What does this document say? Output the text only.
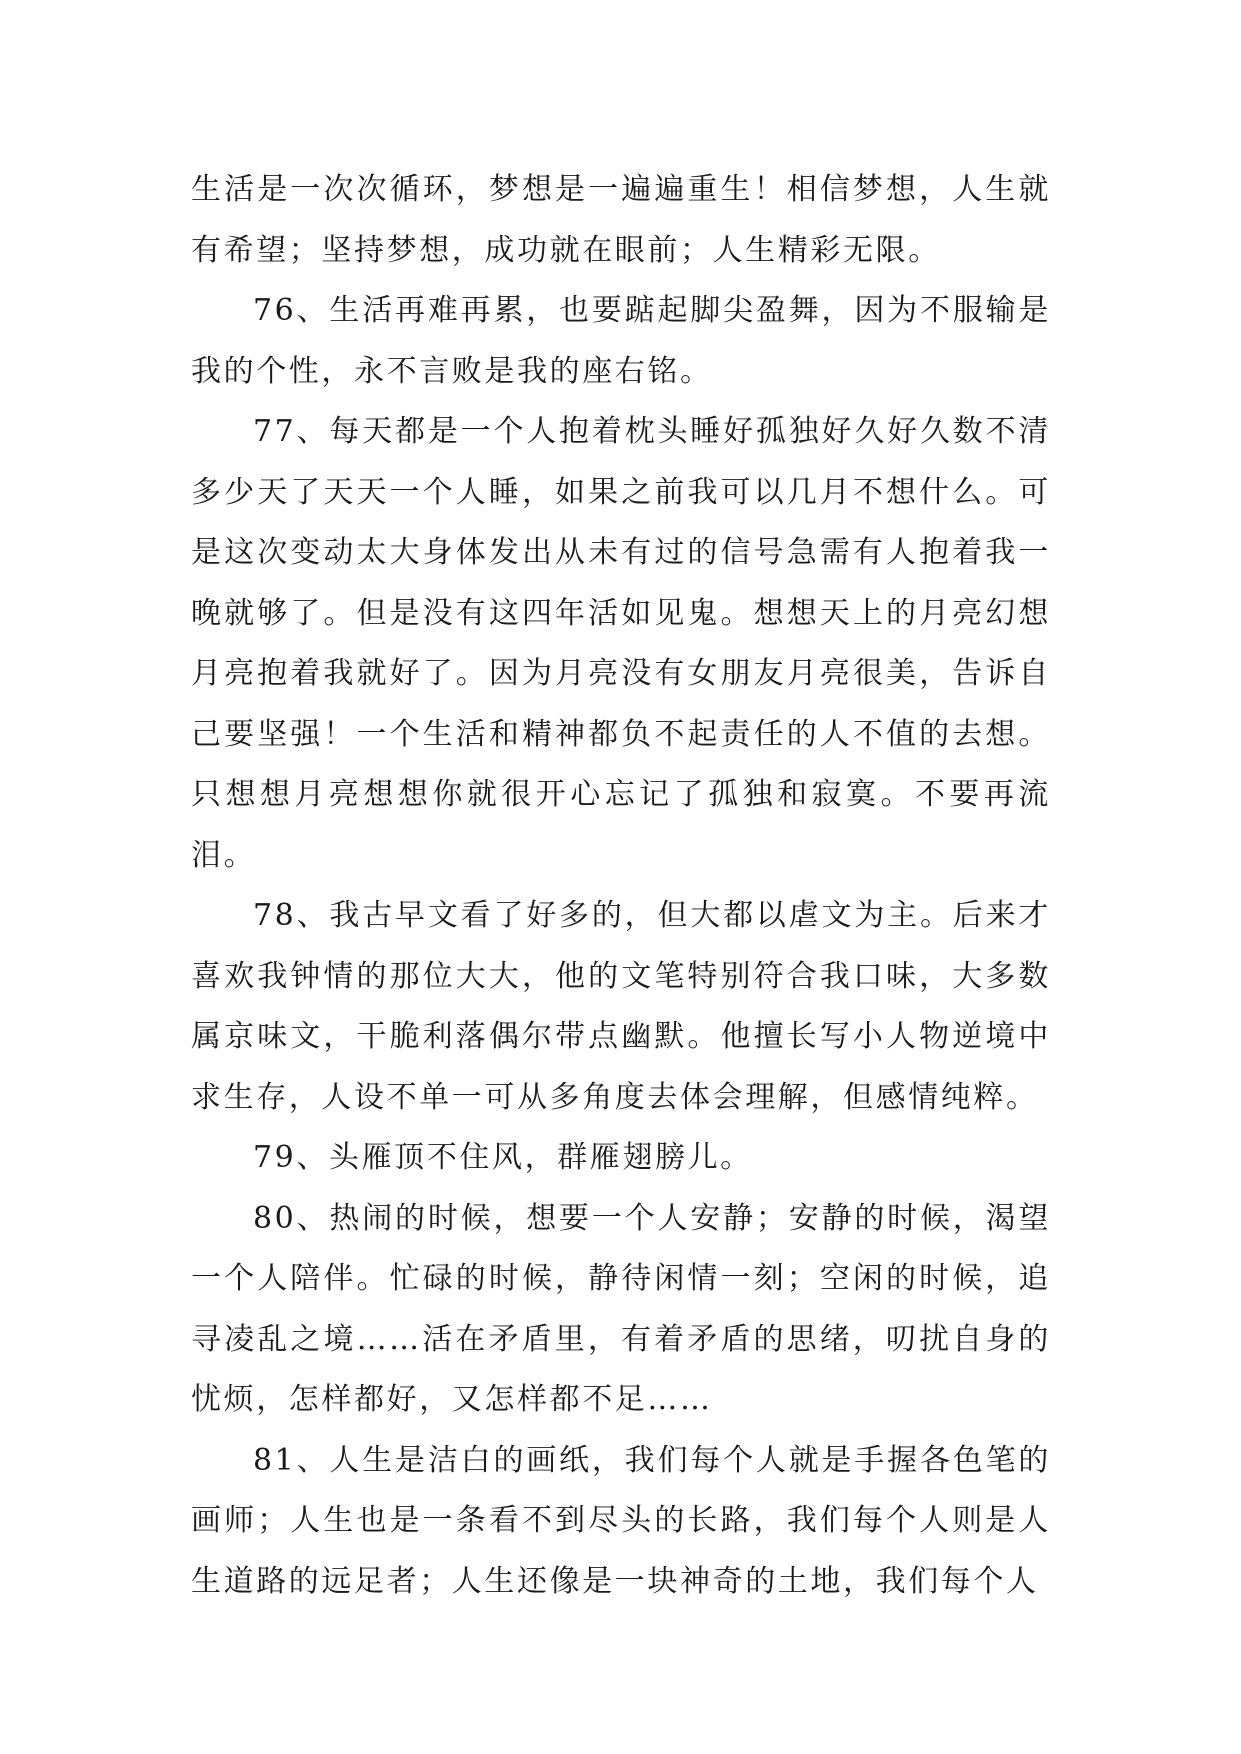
生活是一次次循环，梦想是一遍遍重生！相信梦想，人生就有希望；坚持梦想，成功就在眼前；人生精彩无限。

76、生活再难再累，也要踮起脚尖盈舞，因为不服输是我的个性，永不言败是我的座右铭。

77、每天都是一个人抱着枕头睡好孤独好久好久数不清多少天了天天一个人睡，如果之前我可以几月不想什么。可是这次变动太大身体发出从未有过的信号急需有人抱着我一晚就够了。但是没有这四年活如见鬼。想想天上的月亮幻想月亮抱着我就好了。因为月亮没有女朋友月亮很美，告诉自己要坚强！一个生活和精神都负不起责任的人不值的去想。只想想月亮想想你就很开心忘记了孤独和寂寞。不要再流泪。

78、我古早文看了好多的，但大都以虐文为主。后来才喜欢我钟情的那位大大，他的文笔特别符合我口味，大多数属京味文，干脆利落偶尔带点幽默。他擅长写小人物逆境中求生存，人设不单一可从多角度去体会理解，但感情纯粹。

79、头雁顶不住风，群雁翅膀儿。

80、热闹的时候，想要一个人安静；安静的时候，渴望一个人陪伴。忙碌的时候，静待闲情一刻；空闲的时候，追寻凌乱之境……活在矛盾里，有着矛盾的思绪，叨扰自身的忧烦，怎样都好，又怎样都不足……

81、人生是洁白的画纸，我们每个人就是手握各色笔的画师；人生也是一条看不到尽头的长路，我们每个人则是人生道路的远足者；人生还像是一块神奇的土地，我们每个人
